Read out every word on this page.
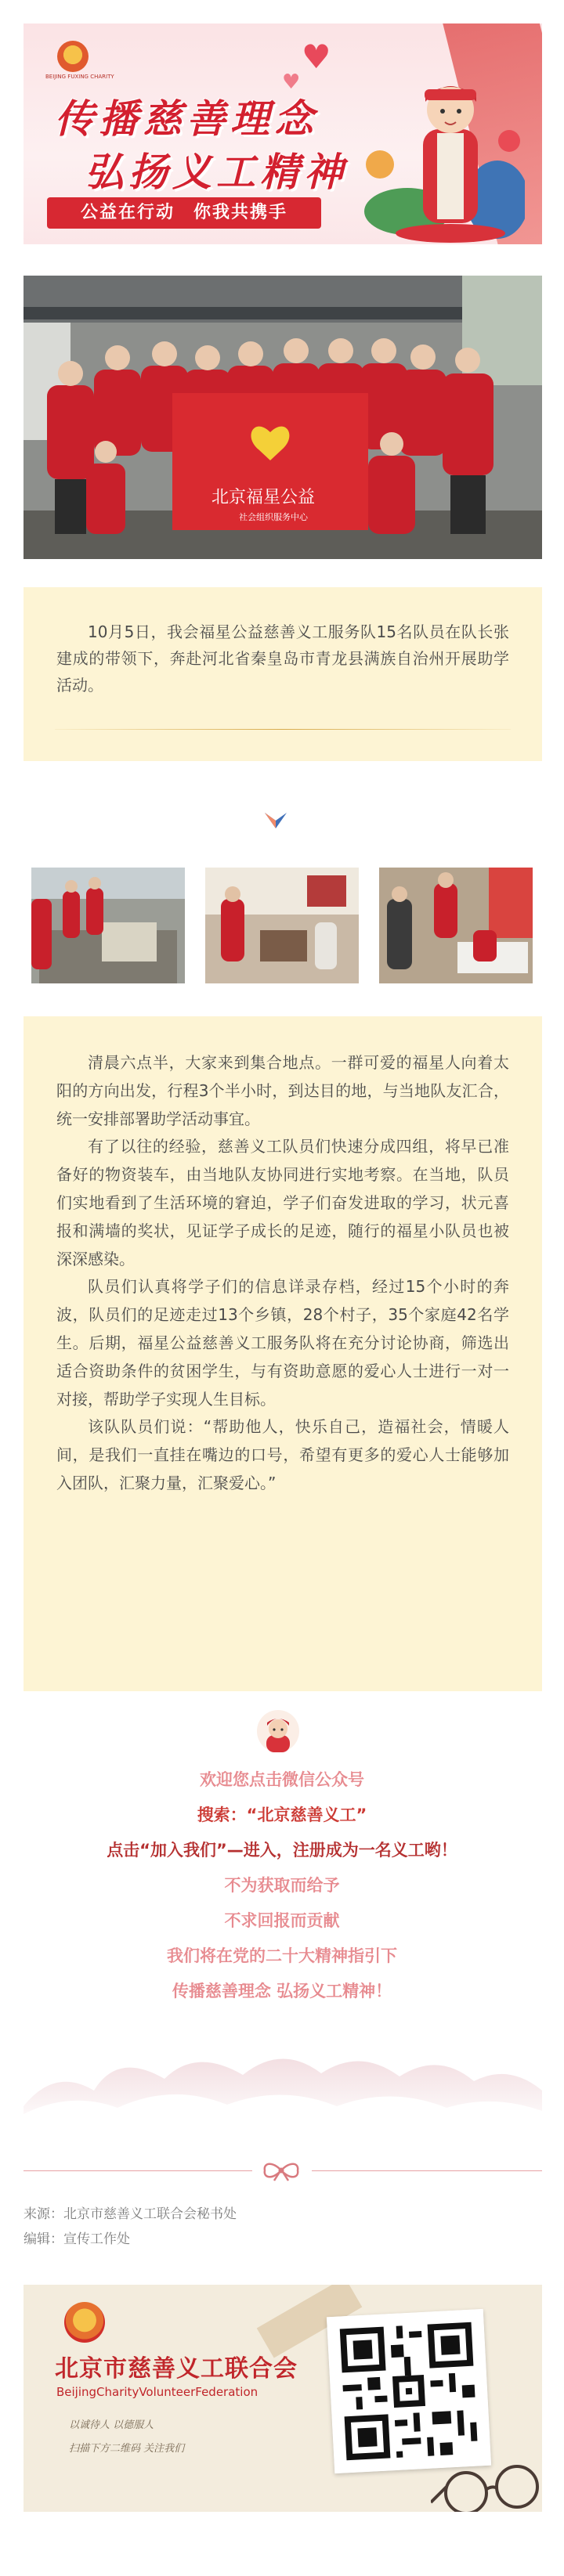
BEIJING FUXING CHARITY
♥
♥
传播慈善理念
弘扬义工精神
公益在行动　你我共携手
北京福星公益
社会组织服务中心

10月5日，我会福星公益慈善义工服务队15名队员在队长张建成的带领下，奔赴河北省秦皇岛市青龙县满族自治州开展助学活动。

清晨六点半，大家来到集合地点。一群可爱的福星人向着太阳的方向出发，行程3个半小时，到达目的地，与当地队友汇合，统一安排部署助学活动事宜。

有了以往的经验，慈善义工队员们快速分成四组，将早已准备好的物资装车，由当地队友协同进行实地考察。在当地，队员们实地看到了生活环境的窘迫，学子们奋发进取的学习，状元喜报和满墙的奖状，见证学子成长的足迹，随行的福星小队员也被深深感染。

队员们认真将学子们的信息详录存档，经过15个小时的奔波，队员们的足迹走过13个乡镇，28个村子，35个家庭42名学生。后期，福星公益慈善义工服务队将在充分讨论协商，筛选出适合资助条件的贫困学生，与有资助意愿的爱心人士进行一对一对接，帮助学子实现人生目标。

该队队员们说：“帮助他人，快乐自己，造福社会，情暖人间，是我们一直挂在嘴边的口号，希望有更多的爱心人士能够加入团队，汇聚力量，汇聚爱心。”

欢迎您点击微信公众号
搜索：“北京慈善义工”
点击“加入我们”—进入，注册成为一名义工哟！
不为获取而给予
不求回报而贡献
我们将在党的二十大精神指引下
传播慈善理念 弘扬义工精神！
来源：北京市慈善义工联合会秘书处
编辑：宣传工作处
北京市慈善义工联合会
BeijingCharityVolunteerFederation
以诚待人 以德服人
扫描下方二维码 关注我们
